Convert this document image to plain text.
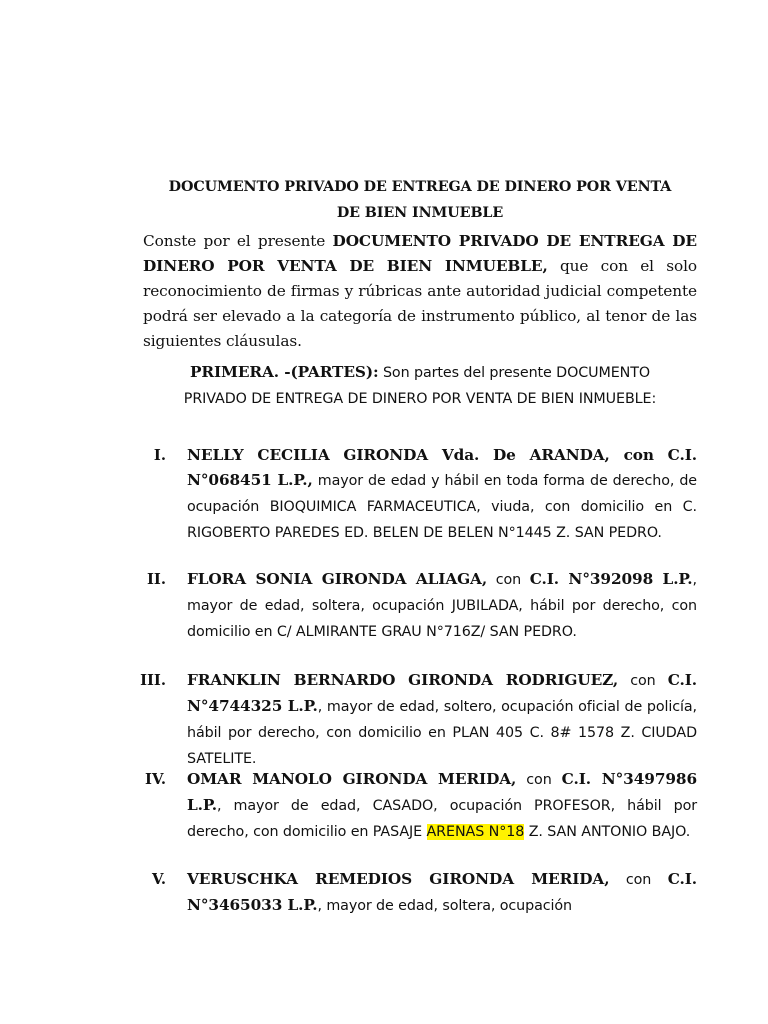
DOCUMENTO PRIVADO DE ENTREGA DE DINERO POR VENTA
DE BIEN INMUEBLE
Conste por el presente DOCUMENTO PRIVADO DE ENTREGA DE DINERO POR VENTA DE BIEN INMUEBLE, que con el solo reconocimiento de firmas y rúbricas ante autoridad judicial competente podrá ser elevado a la categoría de instrumento público, al tenor de las siguientes cláusulas.
PRIMERA. -(PARTES): Son partes del presente DOCUMENTO PRIVADO DE ENTREGA DE DINERO POR VENTA DE BIEN INMUEBLE:
I. NELLY CECILIA GIRONDA Vda. De ARANDA, con C.I. N°068451 L.P., mayor de edad y hábil en toda forma de derecho, de ocupación BIOQUIMICA FARMACEUTICA, viuda, con domicilio en C. RIGOBERTO PAREDES ED. BELEN DE BELEN N°1445 Z. SAN PEDRO.
II. FLORA SONIA GIRONDA ALIAGA, con C.I. N°392098 L.P., mayor de edad, soltera, ocupación JUBILADA, hábil por derecho, con domicilio en C/ ALMIRANTE GRAU N°716Z/ SAN PEDRO.
III. FRANKLIN BERNARDO GIRONDA RODRIGUEZ, con C.I. N°4744325 L.P., mayor de edad, soltero, ocupación oficial de policía, hábil por derecho, con domicilio en PLAN 405 C. 8# 1578 Z. CIUDAD SATELITE.
IV. OMAR MANOLO GIRONDA MERIDA, con C.I. N°3497986 L.P., mayor de edad, CASADO, ocupación PROFESOR, hábil por derecho, con domicilio en PASAJE ARENAS N°18 Z. SAN ANTONIO BAJO.
V. VERUSCHKA REMEDIOS GIRONDA MERIDA, con C.I. N°3465033 L.P., mayor de edad, soltera, ocupación
